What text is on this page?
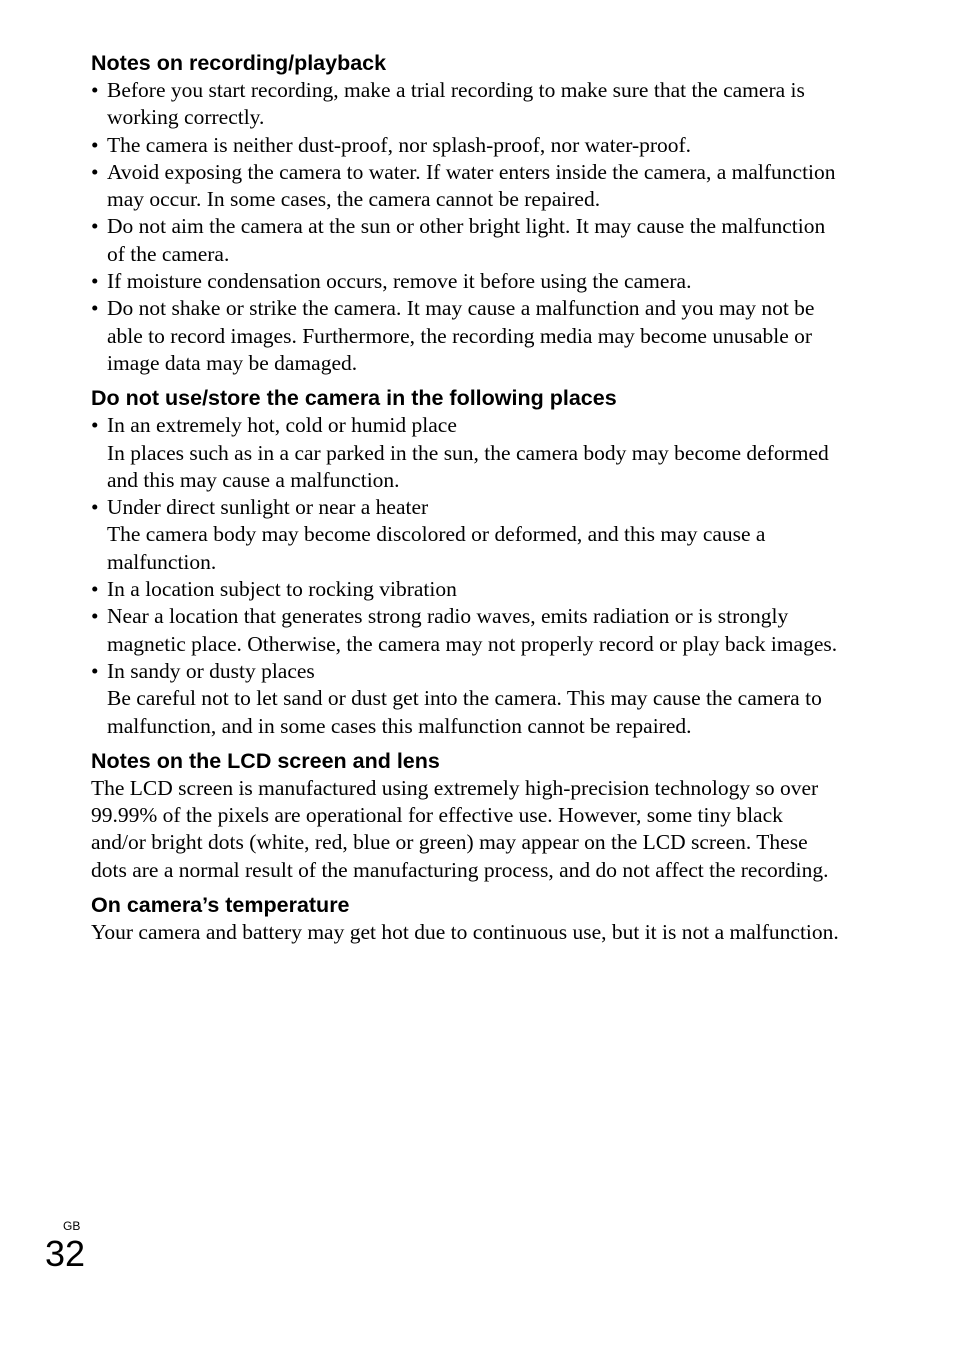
Notes on recording/playback
• Before you start recording, make a trial recording to make sure that the camera is working correctly.
• The camera is neither dust-proof, nor splash-proof, nor water-proof.
• Avoid exposing the camera to water. If water enters inside the camera, a malfunction may occur. In some cases, the camera cannot be repaired.
• Do not aim the camera at the sun or other bright light. It may cause the malfunction of the camera.
• If moisture condensation occurs, remove it before using the camera.
• Do not shake or strike the camera. It may cause a malfunction and you may not be able to record images. Furthermore, the recording media may become unusable or image data may be damaged.
Do not use/store the camera in the following places
• In an extremely hot, cold or humid place
In places such as in a car parked in the sun, the camera body may become deformed and this may cause a malfunction.
• Under direct sunlight or near a heater
The camera body may become discolored or deformed, and this may cause a malfunction.
• In a location subject to rocking vibration
• Near a location that generates strong radio waves, emits radiation or is strongly magnetic place. Otherwise, the camera may not properly record or play back images.
• In sandy or dusty places
Be careful not to let sand or dust get into the camera. This may cause the camera to malfunction, and in some cases this malfunction cannot be repaired.
Notes on the LCD screen and lens

The LCD screen is manufactured using extremely high-precision technology so over 99.99% of the pixels are operational for effective use. However, some tiny black and/or bright dots (white, red, blue or green) may appear on the LCD screen. These dots are a normal result of the manufacturing process, and do not affect the recording.

On camera’s temperature

Your camera and battery may get hot due to continuous use, but it is not a malfunction.

GB
32
